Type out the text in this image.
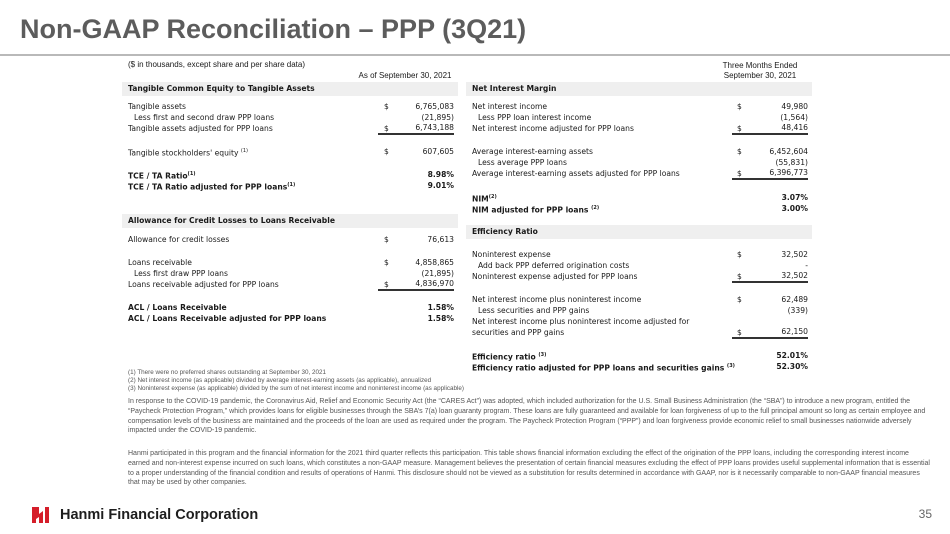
Non-GAAP Reconciliation – PPP (3Q21)
($ in thousands, except share and per share data)
As of September 30, 2021
Tangible Common Equity to Tangible Assets
Tangible assets	$	6,765,083
Less first and second draw PPP loans	(21,895)
Tangible assets adjusted for PPP loans	$	6,743,188
Tangible stockholders' equity $^{(1)}$	$	607,605
TCE / TA Ratio$^{(1)}$	8.98%
TCE / TA Ratio adjusted for PPP loans$^{(1)}$	9.01%
Allowance for Credit Losses to Loans Receivable
Allowance for credit losses	$	76,613
Loans receivable	$	4,858,865
Less first draw PPP loans	(21,895)
Loans receivable adjusted for PPP loans	$	4,836,970
ACL / Loans Receivable	1.58%
ACL / Loans Receivable adjusted for PPP loans	1.58%
Three Months Ended
September 30, 2021
Net Interest Margin
Net interest income	$	49,980
Less PPP loan interest income	(1,564)
Net interest income adjusted for PPP loans	$	48,416
Average interest-earning assets	$	6,452,604
Less average PPP loans	(55,831)
Average interest-earning assets adjusted for PPP loans	$	6,396,773
NIM$^{(2)}$	3.07%
NIM adjusted for PPP loans $^{(2)}$	3.00%
Efficiency Ratio
Noninterest expense	$	32,502
Add back PPP deferred origination costs	-
Noninterest expense adjusted for PPP loans	$	32,502
Net interest income plus noninterest income	$	62,489
Less securities and PPP gains	(339)
Net interest income plus noninterest income adjusted for
securities and PPP gains	$	62,150
Efficiency ratio $^{(3)}$	52.01%
Efficiency ratio adjusted for PPP loans and securities gains $^{(3)}$	52.30%
(1) There were no preferred shares outstanding at September 30, 2021
(2) Net interest income (as applicable) divided by average interest-earning assets (as applicable), annualized
(3) Noninterest expense (as applicable) divided by the sum of net interest income and noninterest income (as applicable)
In response to the COVID-19 pandemic, the Coronavirus Aid, Relief and Economic Security Act (the “CARES Act”) was adopted, which included authorization for the U.S. Small Business Administration (the “SBA”) to introduce a new program, entitled the “Paycheck Protection Program,” which provides loans for eligible businesses through the SBA’s 7(a) loan guaranty program. These loans are fully guaranteed and available for loan forgiveness of up to the full principal amount so long as certain employee and compensation levels of the business are maintained and the proceeds of the loan are used as required under the program. The Paycheck Protection Program (“PPP”) and loan forgiveness provide economic relief to small businesses nationwide adversely impacted under the COVID-19 pandemic.
Hanmi participated in this program and the financial information for the 2021 third quarter reflects this participation. This table shows financial information excluding the effect of the origination of the PPP loans, including the corresponding interest income earned and non-interest expense incurred on such loans, which constitutes a non-GAAP measure. Management believes the presentation of certain financial measures excluding the effect of PPP loans provides useful supplemental information that is essential to a proper understanding of the financial condition and results of operations of Hanmi. This disclosure should not be viewed as a substitution for results determined in accordance with GAAP, nor is it necessarily comparable to non-GAAP financial measures that may be used by other companies.
Hanmi Financial Corporation	35
